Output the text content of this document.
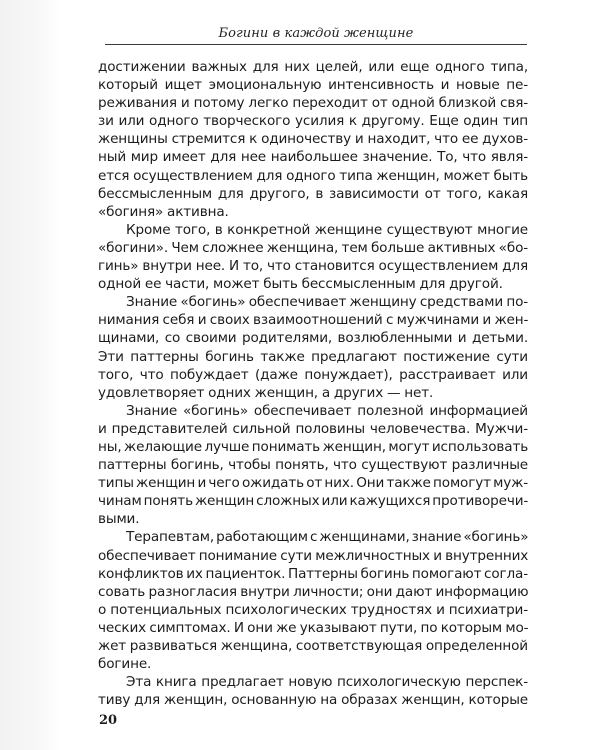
Богини в каждой женщине
достижении важных для них целей, или еще одного типа,
который ищет эмоциональную интенсивность и новые пе-
реживания и потому легко переходит от одной близкой свя-
зи или одного творческого усилия к другому. Еще один тип
женщины стремится к одиночеству и находит, что ее духов-
ный мир имеет для нее наибольшее значение. То, что явля-
ется осуществлением для одного типа женщин, может быть
бессмысленным для другого, в зависимости от того, какая
«богиня» активна.
Кроме того, в конкретной женщине существуют многие
«богини». Чем сложнее женщина, тем больше активных «бо-
гинь» внутри нее. И то, что становится осуществлением для
одной ее части, может быть бессмысленным для другой.
Знание «богинь» обеспечивает женщину средствами по-
нимания себя и своих взаимоотношений с мужчинами и жен-
щинами, со своими родителями, возлюбленными и детьми.
Эти паттерны богинь также предлагают постижение сути
того, что побуждает (даже понуждает), расстраивает или
удовлетворяет одних женщин, а других — нет.
Знание «богинь» обеспечивает полезной информацией
и представителей сильной половины человечества. Мужчи-
ны, желающие лучше понимать женщин, могут использовать
паттерны богинь, чтобы понять, что существуют различные
типы женщин и чего ожидать от них. Они также помогут муж-
чинам понять женщин сложных или кажущихся противоречи-
выми.
Терапевтам, работающим с женщинами, знание «богинь»
обеспечивает понимание сути межличностных и внутренних
конфликтов их пациенток. Паттерны богинь помогают согла-
совать разногласия внутри личности; они дают информацию
о потенциальных психологических трудностях и психиатри-
ческих симптомах. И они же указывают пути, по которым мо-
жет развиваться женщина, соответствующая определенной
богине.
Эта книга предлагает новую психологическую перспек-
тиву для женщин, основанную на образах женщин, которые
20
